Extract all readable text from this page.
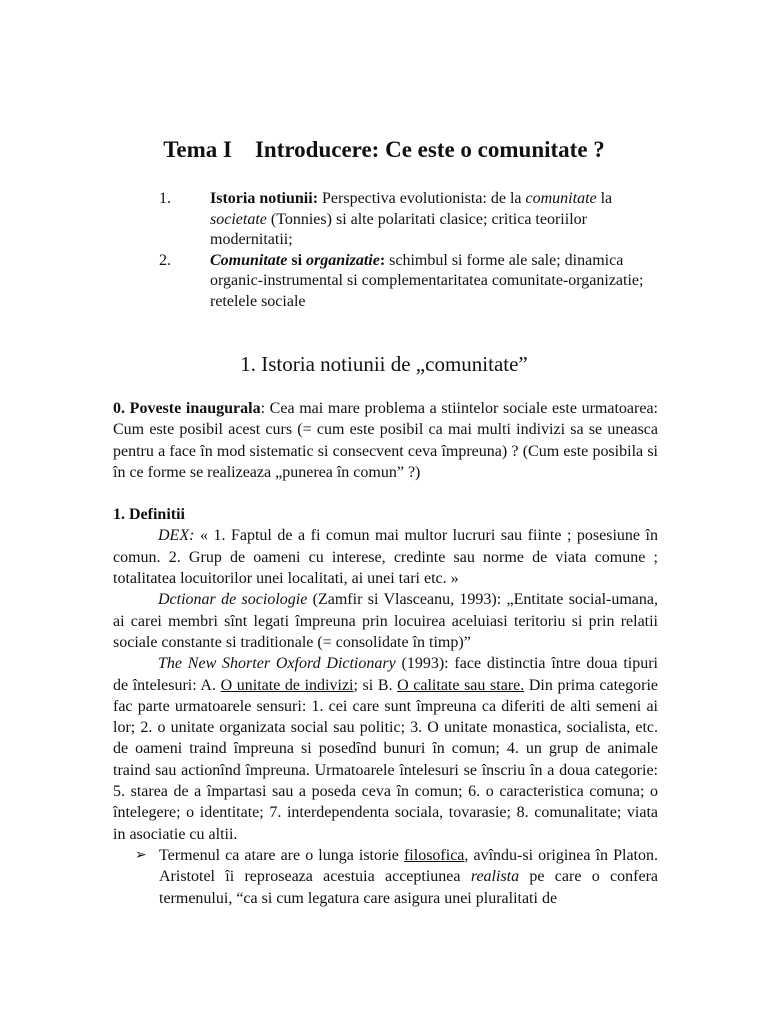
Tema I    Introducere: Ce este o comunitate ?
1. Istoria notiunii: Perspectiva evolutionista: de la comunitate la societate (Tonnies) si alte polaritati clasice; critica teoriilor modernitatii;
2. Comunitate si organizatie: schimbul si forme ale sale; dinamica organic-instrumental si complementaritatea comunitate-organizatie; retelele sociale
1. Istoria notiunii de „comunitate”

0. Poveste inaugurala: Cea mai mare problema a stiintelor sociale este urmatoarea: Cum este posibil acest curs (= cum este posibil ca mai multi indivizi sa se uneasca pentru a face în mod sistematic si consecvent ceva împreuna) ? (Cum este posibila si în ce forme se realizeaza „punerea în comun” ?)

1. Definitii

DEX: « 1. Faptul de a fi comun mai multor lucruri sau fiinte ; posesiune în comun. 2. Grup de oameni cu interese, credinte sau norme de viata comune ; totalitatea locuitorilor unei localitati, ai unei tari etc. »

Dctionar de sociologie (Zamfir si Vlasceanu, 1993): „Entitate social-umana, ai carei membri sînt legati împreuna prin locuirea aceluiasi teritoriu si prin relatii sociale constante si traditionale (= consolidate în timp)”

The New Shorter Oxford Dictionary (1993): face distinctia între doua tipuri de întelesuri: A. O unitate de indivizi; si B. O calitate sau stare. Din prima categorie fac parte urmatoarele sensuri: 1. cei care sunt împreuna ca diferiti de alti semeni ai lor; 2. o unitate organizata social sau politic; 3. O unitate monastica, socialista, etc. de oameni traind împreuna si posedînd bunuri în comun; 4. un grup de animale traind sau actionînd împreuna. Urmatoarele întelesuri se înscriu în a doua categorie: 5. starea de a împartasi sau a poseda ceva în comun; 6. o caracteristica comuna; o întelegere; o identitate; 7. interdependenta sociala, tovarasie; 8. comunalitate; viata in asociatie cu altii.

➢ Termenul ca atare are o lunga istorie filosofica, avîndu-si originea în Platon. Aristotel îi reproseaza acestuia acceptiunea realista pe care o confera termenului, “ca si cum legatura care asigura unei pluralitati de
